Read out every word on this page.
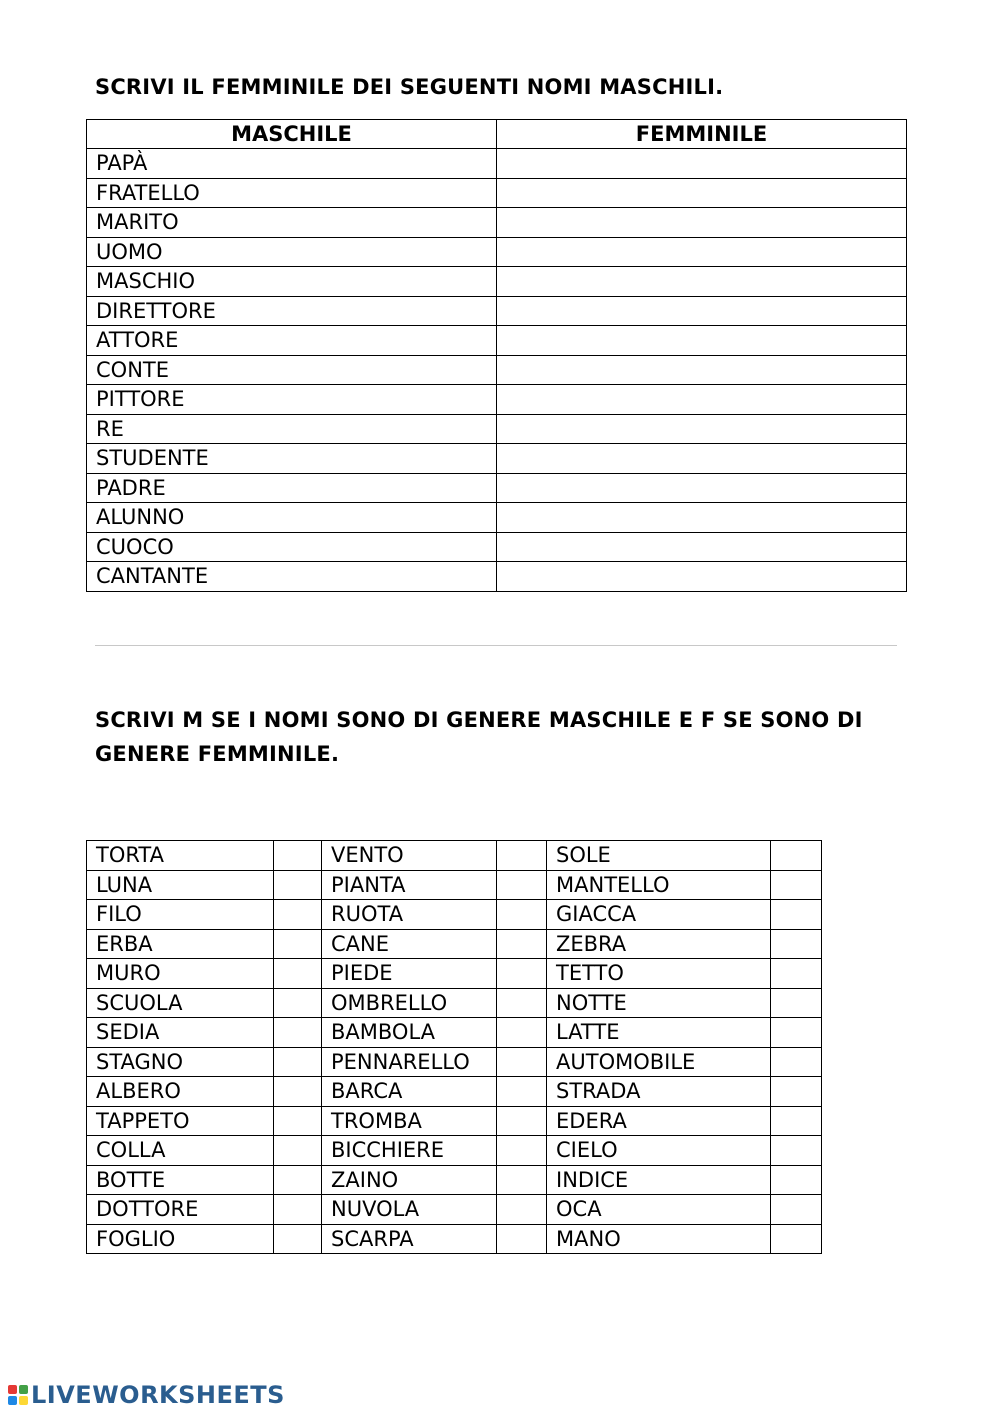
SCRIVI IL FEMMINILE DEI SEGUENTI NOMI MASCHILI.
MASCHILE	FEMMINILE
PAPÀ	
FRATELLO	
MARITO	
UOMO	
MASCHIO	
DIRETTORE	
ATTORE	
CONTE	
PITTORE	
RE	
STUDENTE	
PADRE	
ALUNNO	
CUOCO	
CANTANTE	
SCRIVI M SE I NOMI SONO DI GENERE MASCHILE E F SE SONO DI GENERE FEMMINILE.
TORTA		VENTO		SOLE	
LUNA		PIANTA		MANTELLO	
FILO		RUOTA		GIACCA	
ERBA		CANE		ZEBRA	
MURO		PIEDE		TETTO	
SCUOLA		OMBRELLO		NOTTE	
SEDIA		BAMBOLA		LATTE	
STAGNO		PENNARELLO		AUTOMOBILE	
ALBERO		BARCA		STRADA	
TAPPETO		TROMBA		EDERA	
COLLA		BICCHIERE		CIELO	
BOTTE		ZAINO		INDICE	
DOTTORE		NUVOLA		OCA	
FOGLIO		SCARPA		MANO	
LIVEWORKSHEETS
